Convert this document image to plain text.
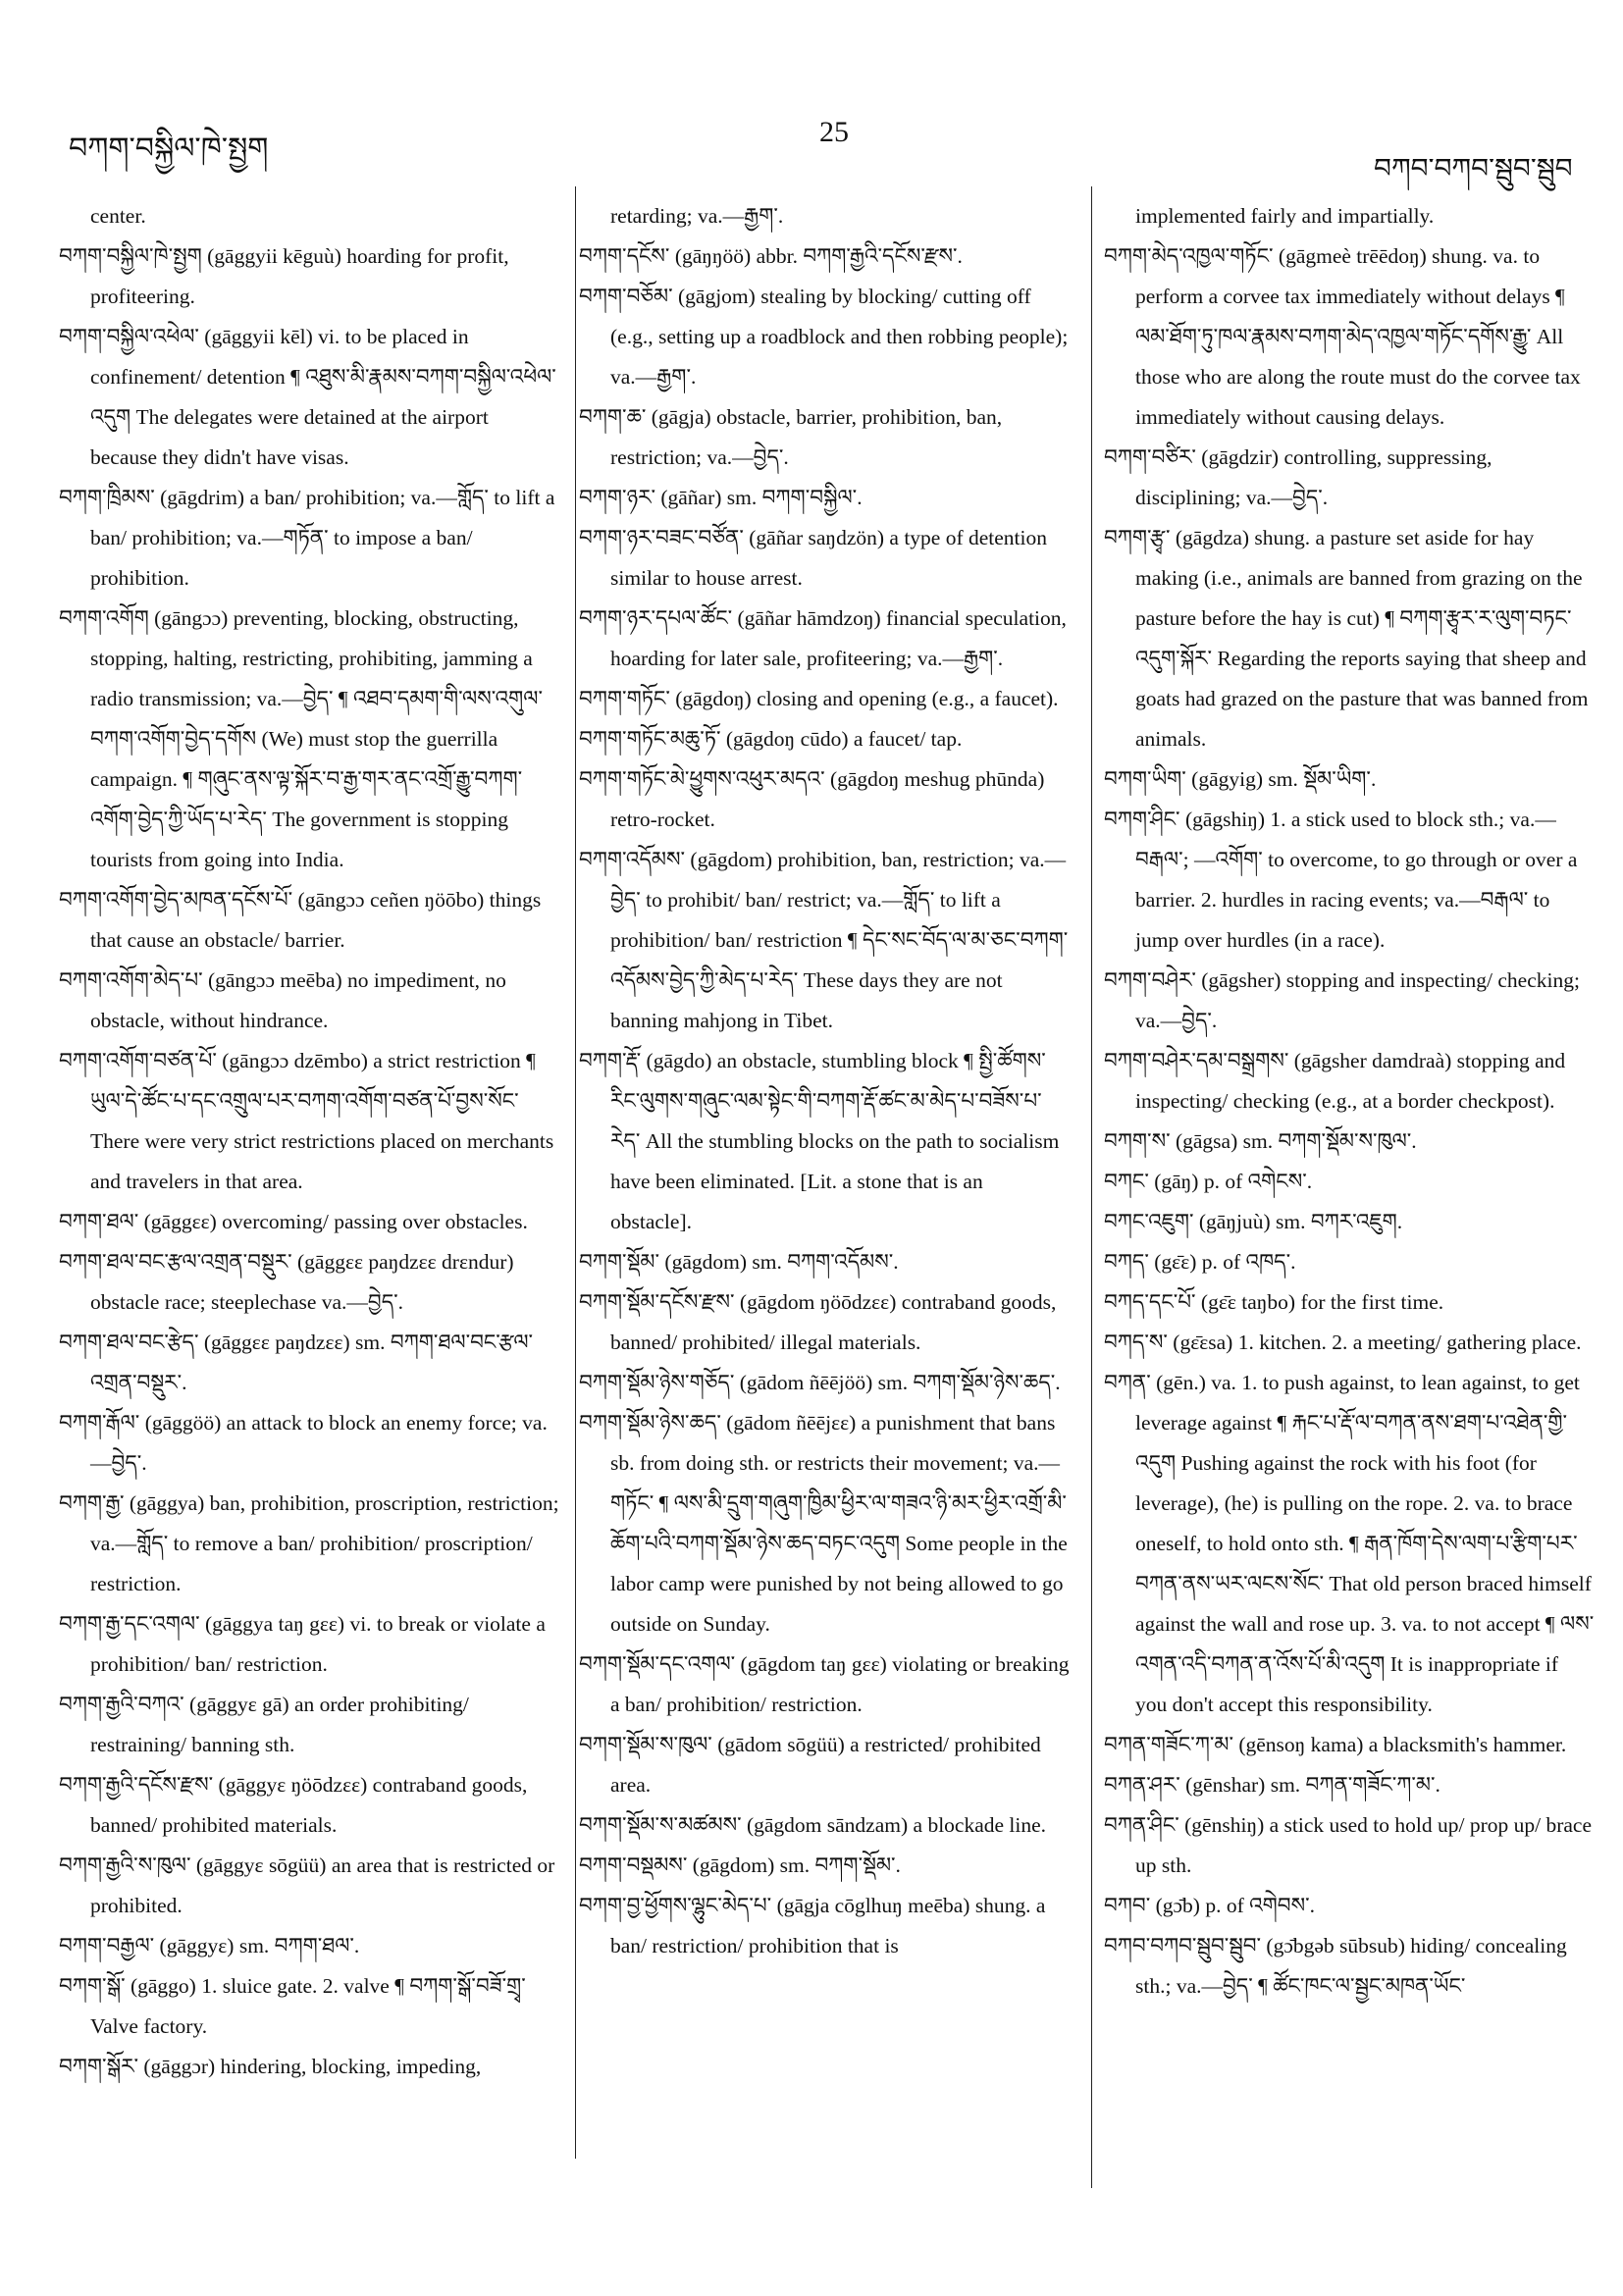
བཀག་བསྐྱིལ་ཁེ་སྤྱག
25
བཀབ་བཀབ་སྦུབ་སྦུབ

center.

བཀག་བསྐྱིལ་ཁེ་སྤྱག (gāggyii kēguù) hoarding for profit, profiteering.

བཀག་བསྐྱིལ་འཕེལ་ (gāggyii kēl) vi. to be placed in confinement/ detention ¶ འཐུས་མི་རྣམས་བཀག་བསྐྱིལ་འཕེལ་འདུག The delegates were detained at the airport because they didn't have visas.

བཀག་ཁྲིམས་ (gāgdrim) a ban/ prohibition; va.—གློད་ to lift a ban/ prohibition; va.—གཏོན་ to impose a ban/ prohibition.

བཀག་འགོག (gāngɔɔ) preventing, blocking, obstructing, stopping, halting, restricting, prohibiting, jamming a radio transmission; va.—བྱེད་ ¶ འཐབ་དམག་གི་ལས་འགུལ་བཀག་འགོག་བྱེད་དགོས (We) must stop the guerrilla campaign. ¶ གཞུང་ནས་ལྟ་སྐོར་བ་རྒྱ་གར་ནང་འགྲོ་རྒྱུ་བཀག་འགོག་བྱེད་ཀྱི་ཡོད་པ་རེད་ The government is stopping tourists from going into India.

བཀག་འགོག་བྱེད་མཁན་དངོས་པོ་ (gāngɔɔ ceñen ŋöōbo) things that cause an obstacle/ barrier.

བཀག་འགོག་མེད་པ་ (gāngɔɔ meēba) no impediment, no obstacle, without hindrance.

བཀག་འགོག་བཙན་པོ་ (gāngɔɔ dzēmbo) a strict restriction ¶ ཡུལ་དེ་ཚོང་པ་དང་འགྲུལ་པར་བཀག་འགོག་བཙན་པོ་བྱས་སོང་ There were very strict restrictions placed on merchants and travelers in that area.

བཀག་ཐལ་ (gāggɛɛ) overcoming/ passing over obstacles.

བཀག་ཐལ་བང་རྩལ་འགྲན་བསྡུར་ (gāggɛɛ paŋdzɛɛ drɛndur) obstacle race; steeplechase va.—བྱེད་.

བཀག་ཐལ་བང་རྩེད་ (gāggɛɛ paŋdzɛɛ) sm. བཀག་ཐལ་བང་རྩལ་འགྲན་བསྡུར་.

བཀག་རྒོལ་ (gāggöö) an attack to block an enemy force; va.—བྱེད་.

བཀག་རྒྱ་ (gāggya) ban, prohibition, proscription, restriction; va.—གློད་ to remove a ban/ prohibition/ proscription/ restriction.

བཀག་རྒྱ་དང་འགལ་ (gāggya taŋ gɛɛ) vi. to break or violate a prohibition/ ban/ restriction.

བཀག་རྒྱའི་བཀའ་ (gāggyɛ gā) an order prohibiting/ restraining/ banning sth.

བཀག་རྒྱའི་དངོས་རྫས་ (gāggyɛ ŋöōdzɛɛ) contraband goods, banned/ prohibited materials.

བཀག་རྒྱའི་ས་ཁུལ་ (gāggyɛ sōgüü) an area that is restricted or prohibited.

བཀག་བརྒྱལ་ (gāggyɛ) sm. བཀག་ཐལ་.

བཀག་སྒོ་ (gāggo) 1. sluice gate. 2. valve ¶ བཀག་སྒོ་བཟོ་གྲྭ་ Valve factory.

བཀག་སྒོར་ (gāggɔr) hindering, blocking, impeding,

retarding; va.—རྒྱག་.

བཀག་དངོས་ (gāŋŋöö) abbr. བཀག་རྒྱའི་དངོས་རྫས་.

བཀག་བཅོམ་ (gāgjom) stealing by blocking/ cutting off (e.g., setting up a roadblock and then robbing people); va.—རྒྱག་.

བཀག་ཆ་ (gāgja) obstacle, barrier, prohibition, ban, restriction; va.—བྱེད་.

བཀག་ཉར་ (gāñar) sm. བཀག་བསྐྱིལ་.

བཀག་ཉར་བཟང་བཙོན་ (gāñar saŋdzön) a type of detention similar to house arrest.

བཀག་ཉར་དཔལ་ཚོང་ (gāñar hāmdzoŋ) financial speculation, hoarding for later sale, profiteering; va.—རྒྱག་.

བཀག་གཏོང་ (gāgdoŋ) closing and opening (e.g., a faucet).

བཀག་གཏོང་མཆུ་ཏོ་ (gāgdoŋ cūdo) a faucet/ tap.

བཀག་གཏོང་མེ་ཕྱུགས་འཕུར་མདའ་ (gāgdoŋ meshug phūnda) retro-rocket.

བཀག་འདོམས་ (gāgdom) prohibition, ban, restriction; va.—བྱེད་ to prohibit/ ban/ restrict; va.—གློད་ to lift a prohibition/ ban/ restriction ¶ དེང་སང་བོད་ལ་མ་ཅང་བཀག་འདོམས་བྱེད་ཀྱི་མེད་པ་རེད་ These days they are not banning mahjong in Tibet.

བཀག་རྡོ་ (gāgdo) an obstacle, stumbling block ¶ སྤྱི་ཚོགས་རིང་ལུགས་གཞུང་ལམ་སྟེང་གི་བཀག་རྡོ་ཚང་མ་མེད་པ་བཟོས་པ་རེད་ All the stumbling blocks on the path to socialism have been eliminated. [Lit. a stone that is an obstacle].

བཀག་སྡོམ་ (gāgdom) sm. བཀག་འདོམས་.

བཀག་སྡོམ་དངོས་རྫས་ (gāgdom ŋöōdzɛɛ) contraband goods, banned/ prohibited/ illegal materials.

བཀག་སྡོམ་ཉེས་གཅོད་ (gādom ñēējöö) sm. བཀག་སྡོམ་ཉེས་ཆད་.

བཀག་སྡོམ་ཉེས་ཆད་ (gādom ñēējɛɛ) a punishment that bans sb. from doing sth. or restricts their movement; va.—གཏོང་ ¶ ལས་མི་དྲུག་གཞུག་ཁྱིམ་ཕྱིར་ལ་གཟའ་ཉི་མར་ཕྱིར་འགྲོ་མི་ཆོག་པའི་བཀག་སྡོམ་ཉེས་ཆད་བཏང་འདུག Some people in the labor camp were punished by not being allowed to go outside on Sunday.

བཀག་སྡོམ་དང་འགལ་ (gāgdom taŋ gɛɛ) violating or breaking a ban/ prohibition/ restriction.

བཀག་སྡོམ་ས་ཁུལ་ (gādom sōgüü) a restricted/ prohibited area.

བཀག་སྡོམ་ས་མཚམས་ (gāgdom sāndzam) a blockade line.

བཀག་བསྡམས་ (gāgdom) sm. བཀག་སྡོམ་.

བཀག་བྱ་ཕྱོགས་ལྷུང་མེད་པ་ (gāgja cōglhuŋ meēba) shung. a ban/ restriction/ prohibition that is

implemented fairly and impartially.

བཀག་མེད་འཁྱལ་གཏོང་ (gāgmeè trēēdoŋ) shung. va. to perform a corvee tax immediately without delays ¶ ལམ་ཐོག་ཏུ་ཁལ་རྣམས་བཀག་མེད་འཁྱལ་གཏོང་དགོས་རྒྱུ་ All those who are along the route must do the corvee tax immediately without causing delays.

བཀག་བཙིར་ (gāgdzir) controlling, suppressing, disciplining; va.—བྱེད་.

བཀག་རྩྭ་ (gāgdza) shung. a pasture set aside for hay making (i.e., animals are banned from grazing on the pasture before the hay is cut) ¶ བཀག་རྩྭར་ར་ལུག་བཏང་འདུག་སྐོར་ Regarding the reports saying that sheep and goats had grazed on the pasture that was banned from animals.

བཀག་ཡིག་ (gāgyig) sm. སྡོམ་ཡིག་.

བཀག་ཤིང་ (gāgshiŋ) 1. a stick used to block sth.; va.—བརྒལ་; —འགོག་ to overcome, to go through or over a barrier. 2. hurdles in racing events; va.—བརྒལ་ to jump over hurdles (in a race).

བཀག་བཤེར་ (gāgsher) stopping and inspecting/ checking; va.—བྱེད་.

བཀག་བཤེར་དམ་བསྒྲགས་ (gāgsher damdraà) stopping and inspecting/ checking (e.g., at a border checkpost).

བཀག་ས་ (gāgsa) sm. བཀག་སྡོམ་ས་ཁུལ་.

བཀང་ (gāŋ) p. of འགེངས་.

བཀང་འཇུག་ (gāŋjuù) sm. བཀར་འཇུག.

བཀད་ (gɛ̄ɛ) p. of འཁད་.

བཀད་དང་པོ་ (gɛ̄ɛ taŋbo) for the first time.

བཀད་ས་ (gɛ̄ɛsa) 1. kitchen. 2. a meeting/ gathering place.

བཀན་ (gēn.) va. 1. to push against, to lean against, to get leverage against ¶ རྐང་པ་རྡོ་ལ་བཀན་ནས་ཐག་པ་འཐེན་གྱི་འདུག Pushing against the rock with his foot (for leverage), (he) is pulling on the rope. 2. va. to brace oneself, to hold onto sth. ¶ རྒན་ཁོག་དེས་ལག་པ་རྩིག་པར་བཀན་ནས་ཡར་ལངས་སོང་ That old person braced himself against the wall and rose up. 3. va. to not accept ¶ ལས་འགན་འདི་བཀན་ན་འོས་པོ་མི་འདུག It is inappropriate if you don't accept this responsibility.

བཀན་གཟོང་ཀ་མ་ (gēnsoŋ kama) a blacksmith's hammer.

བཀན་ཤར་ (gēnshar) sm. བཀན་གཟོང་ཀ་མ་.

བཀན་ཤིང་ (gēnshiŋ) a stick used to hold up/ prop up/ brace up sth.

བཀབ་ (gɔ̄b) p. of འགེབས་.

བཀབ་བཀབ་སྦུབ་སྦུབ་ (gɔ̄bgəb sūbsub) hiding/ concealing sth.; va.—བྱེད་ ¶ ཚོང་ཁང་ལ་སྦྱང་མཁན་ཡོང་
